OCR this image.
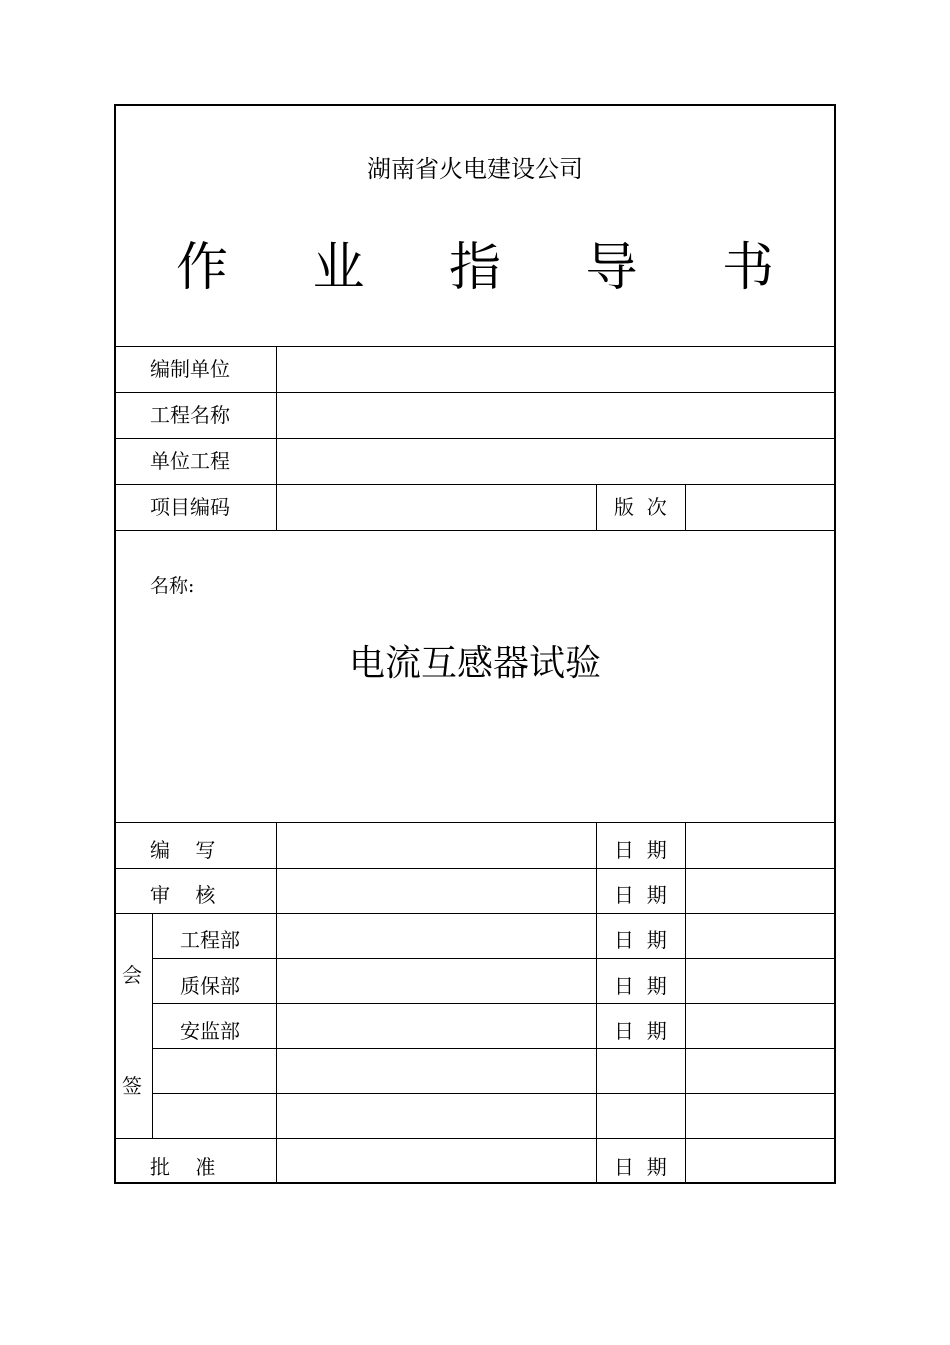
湖南省火电建设公司
作 业 指 导 书
编制单位
工程名称
单位工程
项目编码	版  次
名称:
电流互感器试验
编    写	日  期
审    核	日  期
会
签
工程部	日  期
质保部	日  期
安监部	日  期
批    准	日  期
